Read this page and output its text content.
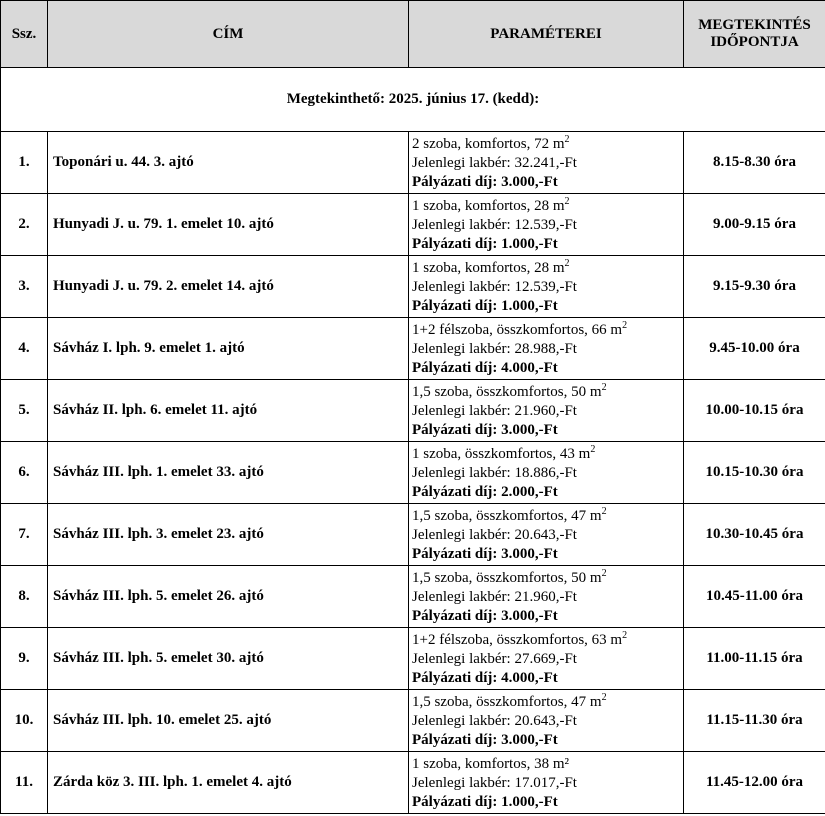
Ssz.	CÍM	PARAMÉTEREI	MEGTEKINTÉS
IDŐPONTJA
Megtekinthető: 2025. június 17. (kedd):			
1.	Toponári u. 44. 3. ajtó	2 szoba, komfortos, 72 $m^2$
Jelenlegi lakbér: 32.241,-Ft
Pályázati díj: 3.000,-Ft	8.15-8.30 óra
2.	Hunyadi J. u. 79. 1. emelet 10. ajtó	1 szoba, komfortos, 28 $m^2$
Jelenlegi lakbér: 12.539,-Ft
Pályázati díj: 1.000,-Ft	9.00-9.15 óra
3.	Hunyadi J. u. 79. 2. emelet 14. ajtó	1 szoba, komfortos, 28 $m^2$
Jelenlegi lakbér: 12.539,-Ft
Pályázati díj: 1.000,-Ft	9.15-9.30 óra
4.	Sávház I. lph. 9. emelet 1. ajtó	1+2 félszoba, összkomfortos, 66 $m^2$
Jelenlegi lakbér: 28.988,-Ft
Pályázati díj: 4.000,-Ft	9.45-10.00 óra
5.	Sávház II. lph. 6. emelet 11. ajtó	1,5 szoba, összkomfortos, 50 $m^2$
Jelenlegi lakbér: 21.960,-Ft
Pályázati díj: 3.000,-Ft	10.00-10.15 óra
6.	Sávház III. lph. 1. emelet 33. ajtó	1 szoba, összkomfortos, 43 $m^2$
Jelenlegi lakbér: 18.886,-Ft
Pályázati díj: 2.000,-Ft	10.15-10.30 óra
7.	Sávház III. lph. 3. emelet 23. ajtó	1,5 szoba, összkomfortos, 47 $m^2$
Jelenlegi lakbér: 20.643,-Ft
Pályázati díj: 3.000,-Ft	10.30-10.45 óra
8.	Sávház III. lph. 5. emelet 26. ajtó	1,5 szoba, összkomfortos, 50 $m^2$
Jelenlegi lakbér: 21.960,-Ft
Pályázati díj: 3.000,-Ft	10.45-11.00 óra
9.	Sávház III. lph. 5. emelet 30. ajtó	1+2 félszoba, összkomfortos, 63 $m^2$
Jelenlegi lakbér: 27.669,-Ft
Pályázati díj: 4.000,-Ft	11.00-11.15 óra
10.	Sávház III. lph. 10. emelet 25. ajtó	1,5 szoba, összkomfortos, 47 $m^2$
Jelenlegi lakbér: 20.643,-Ft
Pályázati díj: 3.000,-Ft	11.15-11.30 óra
11.	Zárda köz 3. III. lph. 1. emelet 4. ajtó	1 szoba, komfortos, 38 m²
Jelenlegi lakbér: 17.017,-Ft
Pályázati díj: 1.000,-Ft	11.45-12.00 óra
